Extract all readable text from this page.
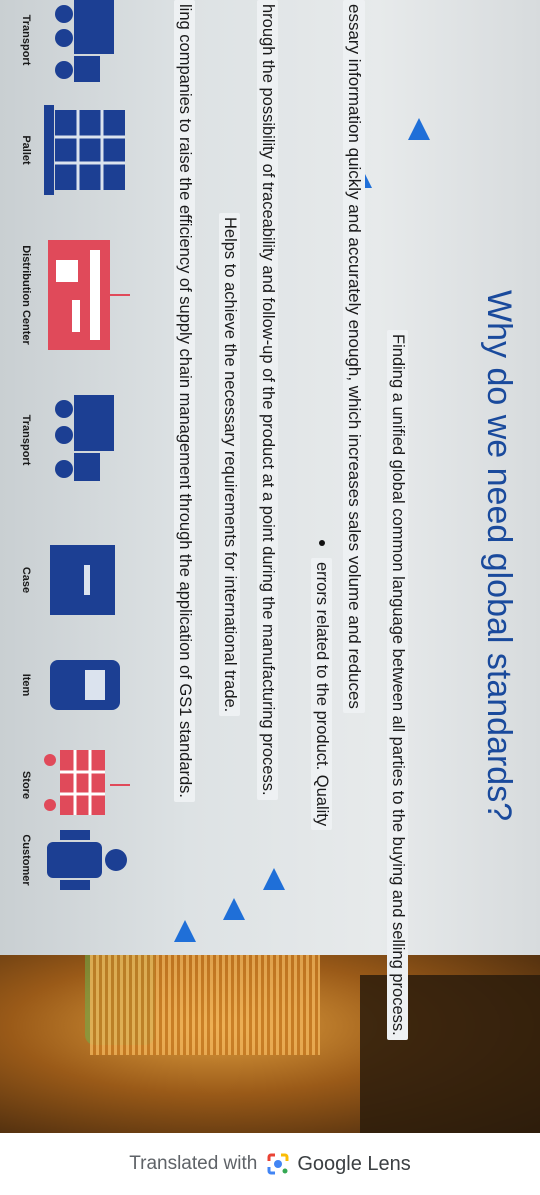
Why do we need global standards?
Finding a unified global common language between all parties to the buying and selling process.
essary information quickly and accurately enough, which increases sales volume and reduces
errors related to the product. Quality
hrough the possibility of traceability and follow-up of the product at a point during the manufacturing process.
Helps to achieve the necessary requirements for international trade.
ling companies to raise the efficiency of supply chain management through the application of GS1 standards.
Transport
Pallet
Distribution Center
Transport
Case
Item
Store
Customer
Translated with Google Lens
